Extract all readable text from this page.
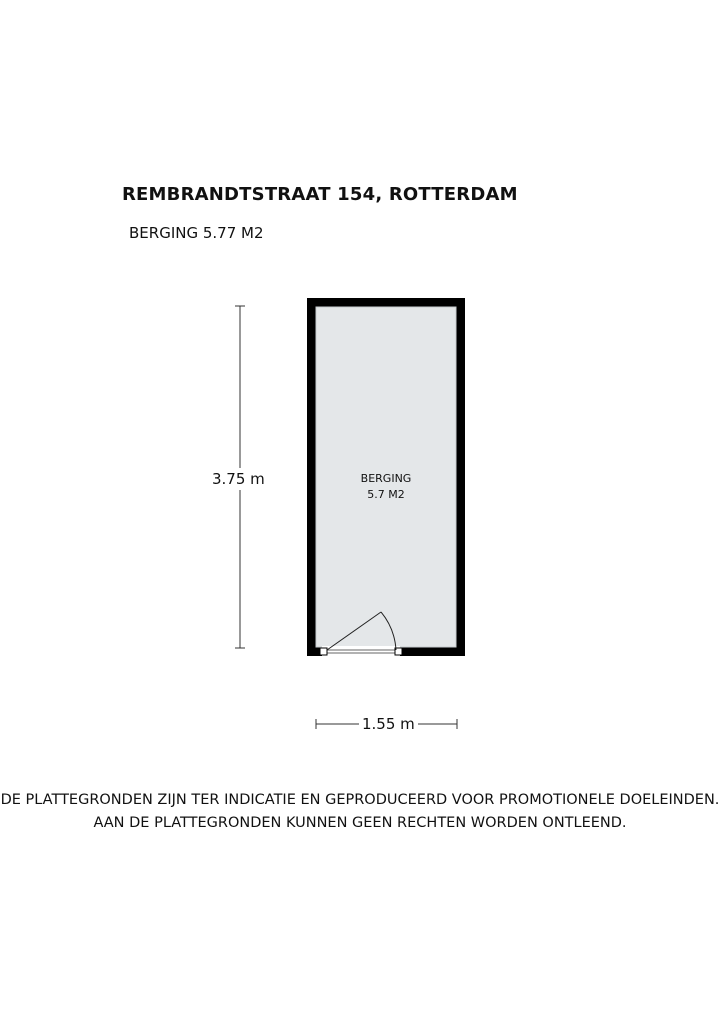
REMBRANDTSTRAAT 154, ROTTERDAM
BERGING 5.77 M2
BERGING
5.7 M2
3.75 m
1.55 m
DE PLATTEGRONDEN ZIJN TER INDICATIE EN GEPRODUCEERD VOOR PROMOTIONELE DOELEINDEN.
AAN DE PLATTEGRONDEN KUNNEN GEEN RECHTEN WORDEN ONTLEEND.
